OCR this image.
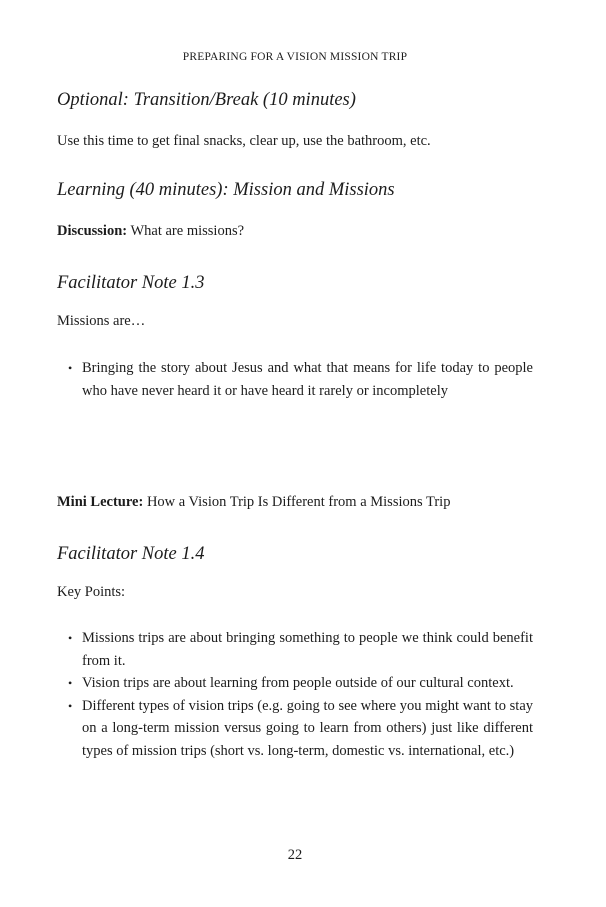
PREPARING FOR A VISION MISSION TRIP
Optional: Transition/Break (10 minutes)

Use this time to get final snacks, clear up, use the bathroom, etc.

Learning (40 minutes): Mission and Missions

Discussion: What are missions?

Facilitator Note 1.3

Missions are…

• Bringing the story about Jesus and what that means for life today to people who have never heard it or have heard it rarely or incompletely

Mini Lecture: How a Vision Trip Is Different from a Missions Trip

Facilitator Note 1.4

Key Points:

• Missions trips are about bringing something to people we think could benefit from it.
• Vision trips are about learning from people outside of our cultural context.
• Different types of vision trips (e.g. going to see where you might want to stay on a long-term mission versus going to learn from others) just like different types of mission trips (short vs. long-term, domestic vs. international, etc.)
22
